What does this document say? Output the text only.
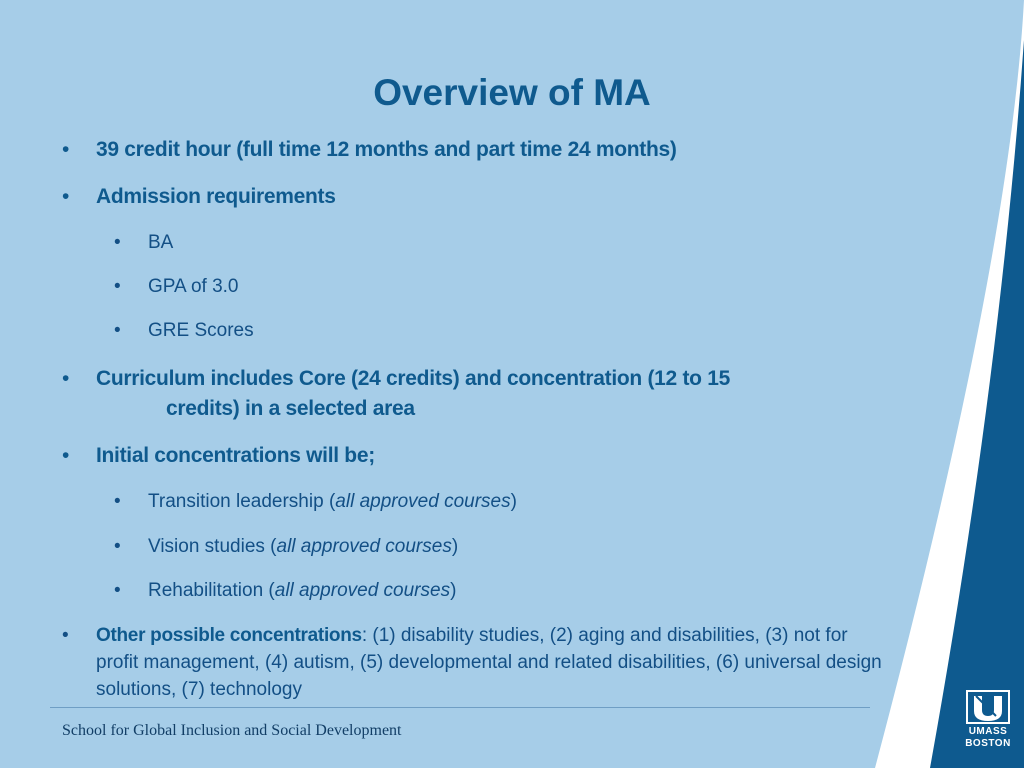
Overview of MA
• 39 credit hour (full time 12 months and part time 24 months)
• Admission requirements
• BA
• GPA of 3.0
• GRE Scores
• Curriculum includes Core (24 credits) and concentration (12 to 15
credits) in a selected area
• Initial concentrations will be;
• Transition leadership (all approved courses)
• Vision studies (all approved courses)
• Rehabilitation (all approved courses)
• Other possible concentrations: (1) disability studies, (2) aging and disabilities, (3) not for profit management, (4) autism, (5) developmental and related disabilities, (6) universal design solutions, (7) technology
School for Global Inclusion and Social Development	UMASS
BOSTON
